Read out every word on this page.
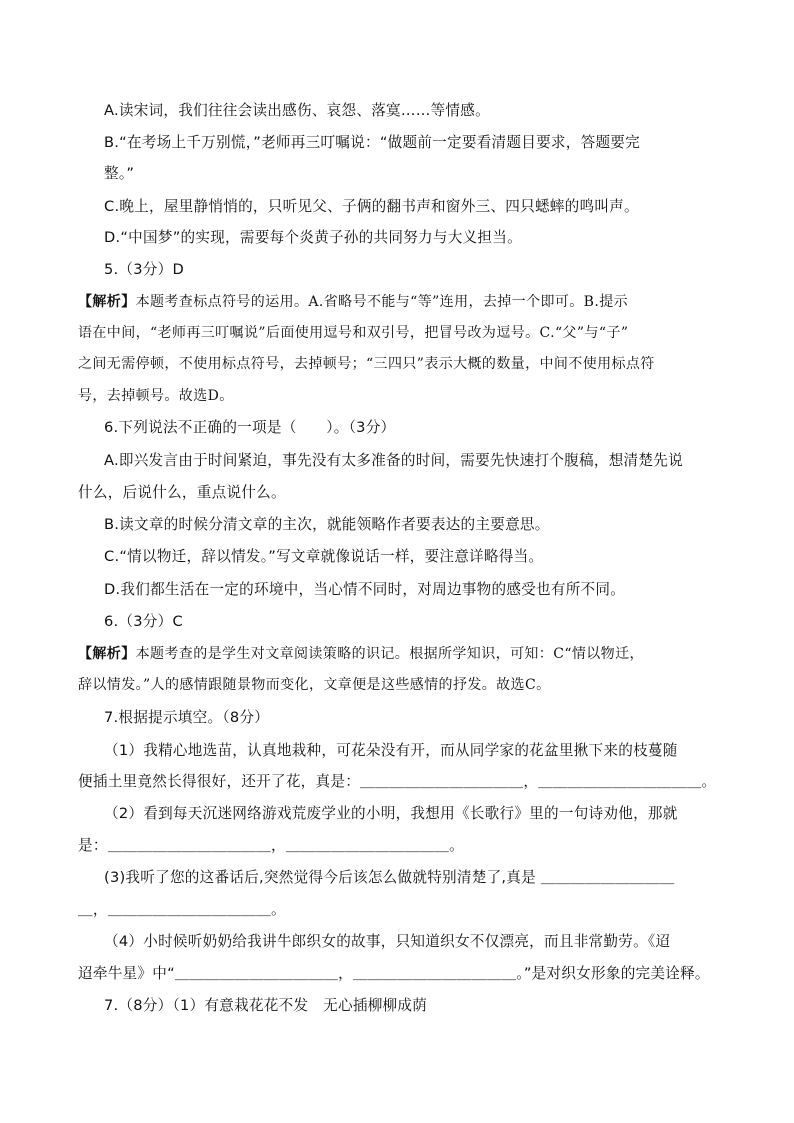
A.读宋词，我们往往会读出感伤、哀怨、落寞……等情感。
B.“在考场上千万别慌，”老师再三叮嘱说：“做题前一定要看清题目要求，答题要完
整。”
C.晚上，屋里静悄悄的，只听见父、子俩的翻书声和窗外三、四只蟋蟀的鸣叫声。
D.“中国梦”的实现，需要每个炎黄子孙的共同努力与大义担当。
5.（3分）D
【解析】本题考查标点符号的运用。A.省略号不能与“等”连用，去掉一个即可。B.提示
语在中间，“老师再三叮嘱说”后面使用逗号和双引号，把冒号改为逗号。C.“父”与“子”
之间无需停顿，不使用标点符号，去掉顿号；“三四只”表示大概的数量，中间不使用标点符
号，去掉顿号。故选D。
6.下列说法不正确的一项是（　　）。（3分）
A.即兴发言由于时间紧迫，事先没有太多准备的时间，需要先快速打个腹稿，想清楚先说
什么，后说什么，重点说什么。
B.读文章的时候分清文章的主次，就能领略作者要表达的主要意思。
C.“情以物迁，辞以情发。”写文章就像说话一样，要注意详略得当。
D.我们都生活在一定的环境中，当心情不同时，对周边事物的感受也有所不同。
6.（3分）C
【解析】本题考查的是学生对文章阅读策略的识记。根据所学知识，可知：C“情以物迁，
辞以情发。”人的感情跟随景物而变化，文章便是这些感情的抒发。故选C。
7.根据提示填空。（8分）
（1）我精心地选苗，认真地栽种，可花朵没有开，而从同学家的花盆里揪下来的枝蔓随
便插土里竟然长得很好，还开了花，真是：＿＿＿＿＿＿＿＿＿＿＿，＿＿＿＿＿＿＿＿＿＿＿。
（2）看到每天沉迷网络游戏荒废学业的小明，我想用《长歌行》里的一句诗劝他，那就
是：＿＿＿＿＿＿＿＿＿＿＿，＿＿＿＿＿＿＿＿＿＿＿。
(3)我听了您的这番话后,突然觉得今后该怎么做就特别清楚了,真是 ＿＿＿＿＿＿＿＿＿
＿，＿＿＿＿＿＿＿＿＿＿＿。
（4）小时候听奶奶给我讲牛郎织女的故事，只知道织女不仅漂亮，而且非常勤劳。《迢
迢牵牛星》中“＿＿＿＿＿＿＿＿＿＿＿，＿＿＿＿＿＿＿＿＿＿＿。”是对织女形象的完美诠释。
7.（8分）（1）有意栽花花不发　无心插柳柳成荫
